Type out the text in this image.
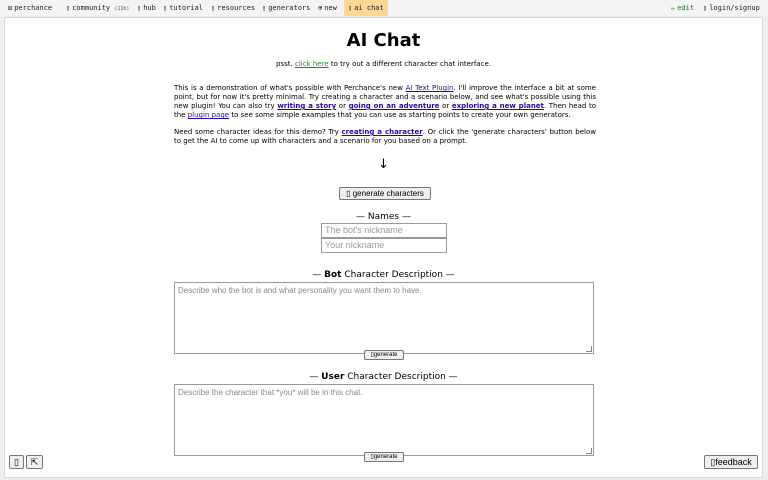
⚄ perchance ▯ community (11h) ▯ hub ▯ tutorial ▯ resources ▯ generators ⊕ new	▯ ai chat	✏ edit ▯ login/signup
AI Chat
psst. click here to try out a different character chat interface.
This is a demonstration of what's possible with Perchance's new AI Text Plugin. I'll improve the interface a bit at some point, but for now it's pretty minimal. Try creating a character and a scenario below, and see what's possible using this new plugin! You can also try writing a story or going on an adventure or exploring a new planet. Then head to the plugin page to see some simple examples that you can use as starting points to create your own generators.
Need some character ideas for this demo? Try creating a character. Or click the 'generate characters' button below to get the AI to come up with characters and a scenario for you based on a prompt.
↓
▯ generate characters
— Names —
The bot's nickname
Your nickname
— Bot Character Description —
Describe who the bot is and what personality you want them to have.
▯generate
— User Character Description —
Describe the character that *you* will be in this chat.
▯generate
▯	⇱	▯feedback
